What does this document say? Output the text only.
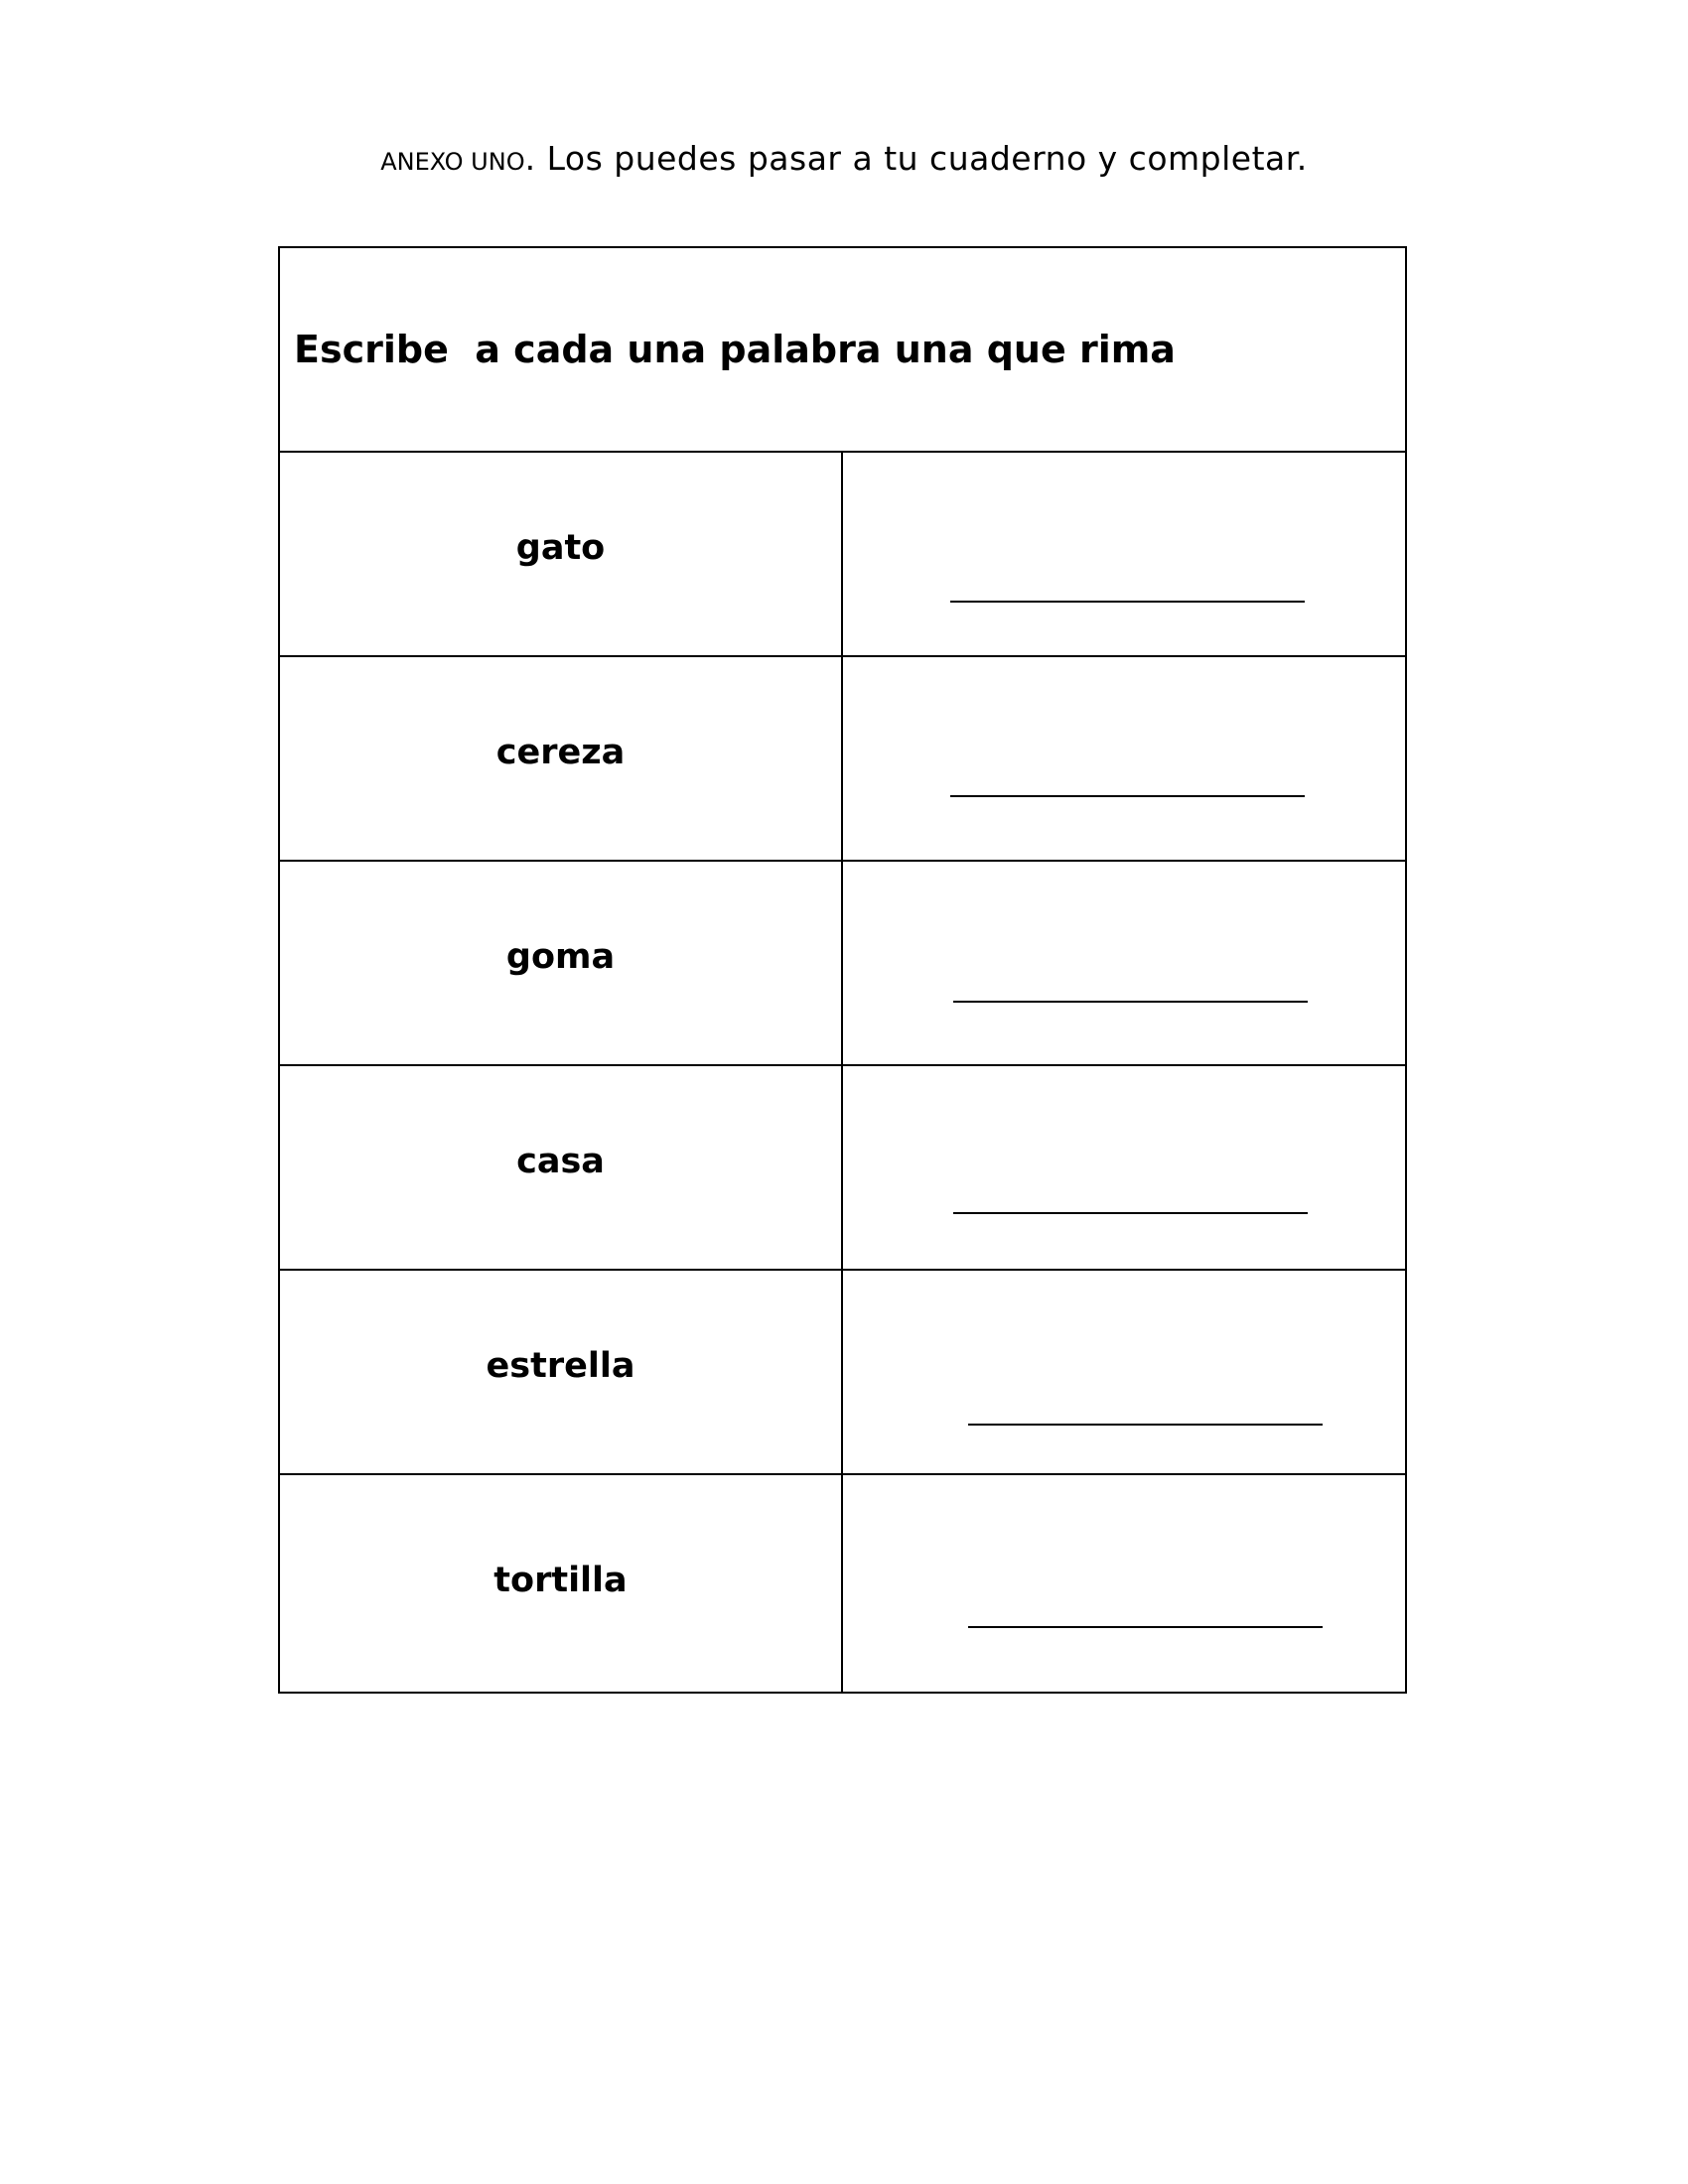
ANEXO UNO. Los puedes pasar a tu cuaderno y completar.
Escribe  a cada una palabra una que rima
gato
cereza
goma
casa
estrella
tortilla
